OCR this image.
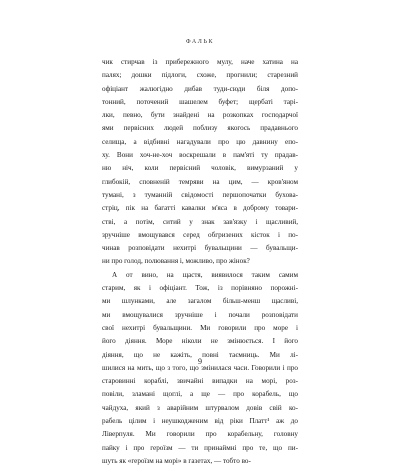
ФАЛЬК

чик стирчав із прибережного мулу, наче хатина на
палях; дошки підлоги, схоже, прогнили; старезний
офіціант жалюгідно дибав туди-сюди біля допо-
тонний, поточений шашелем буфет; щербаті тарі-
лки, певно, бути знайдені на розкопках господарчої
ями первісних людей поблизу якогось прадавнього
селища, а відбивні нагадували про цю давнину епо-
ху. Вони хоч-не-хоч воскрешали в пам'яті ту прадав-
ню ніч, коли первісний чоловік, вимурзаний у
глибокій, сповненій темряви на цим, — кров'яном
тумані, з туманній свідомості першопочатки бухова-
стріц, пік на багатті кавалки м'яса в доброму товари-
стві, а потім, ситий у знак зав'язку і щасливий,
зручніше вмощувався серед обгризених кісток і по-
чинав розповідати нехитрі бувальщини — бувальщи-
ни про голод, полювання і, можливо, про жінок?

А от вино, на щастя, виявилося таким самим
старим, як і офіціант. Тож, із порівняно порожні-
ми шлунками, але загалом більш-менш щасливі,
ми вмощувалися зручніше і почали розповідати
свої нехитрі бувальщини. Ми говорили про море і
його діяння. Море ніколи не змінюється. І його
діяння, що не кажіть, повні таємниць. Ми лі-
шилися на мить, що з того, що змінилася часи. Говорили і про
старовинні кораблі, звичайні випадки на морі, роз-
повіли, зламані щоглі, а ще — про корабель, що
чайдуха, який з аварійним штурвалом довів свій ко-
рабель цілим і неушкодженим від ріки Платт¹ аж до
Ліверпуля. Ми говорили про корабельну, головну
пайку і про героїзм — ти принаймні про те, що пи-
шуть як «героїзм на морі» в газетах, — тобто во-

9
